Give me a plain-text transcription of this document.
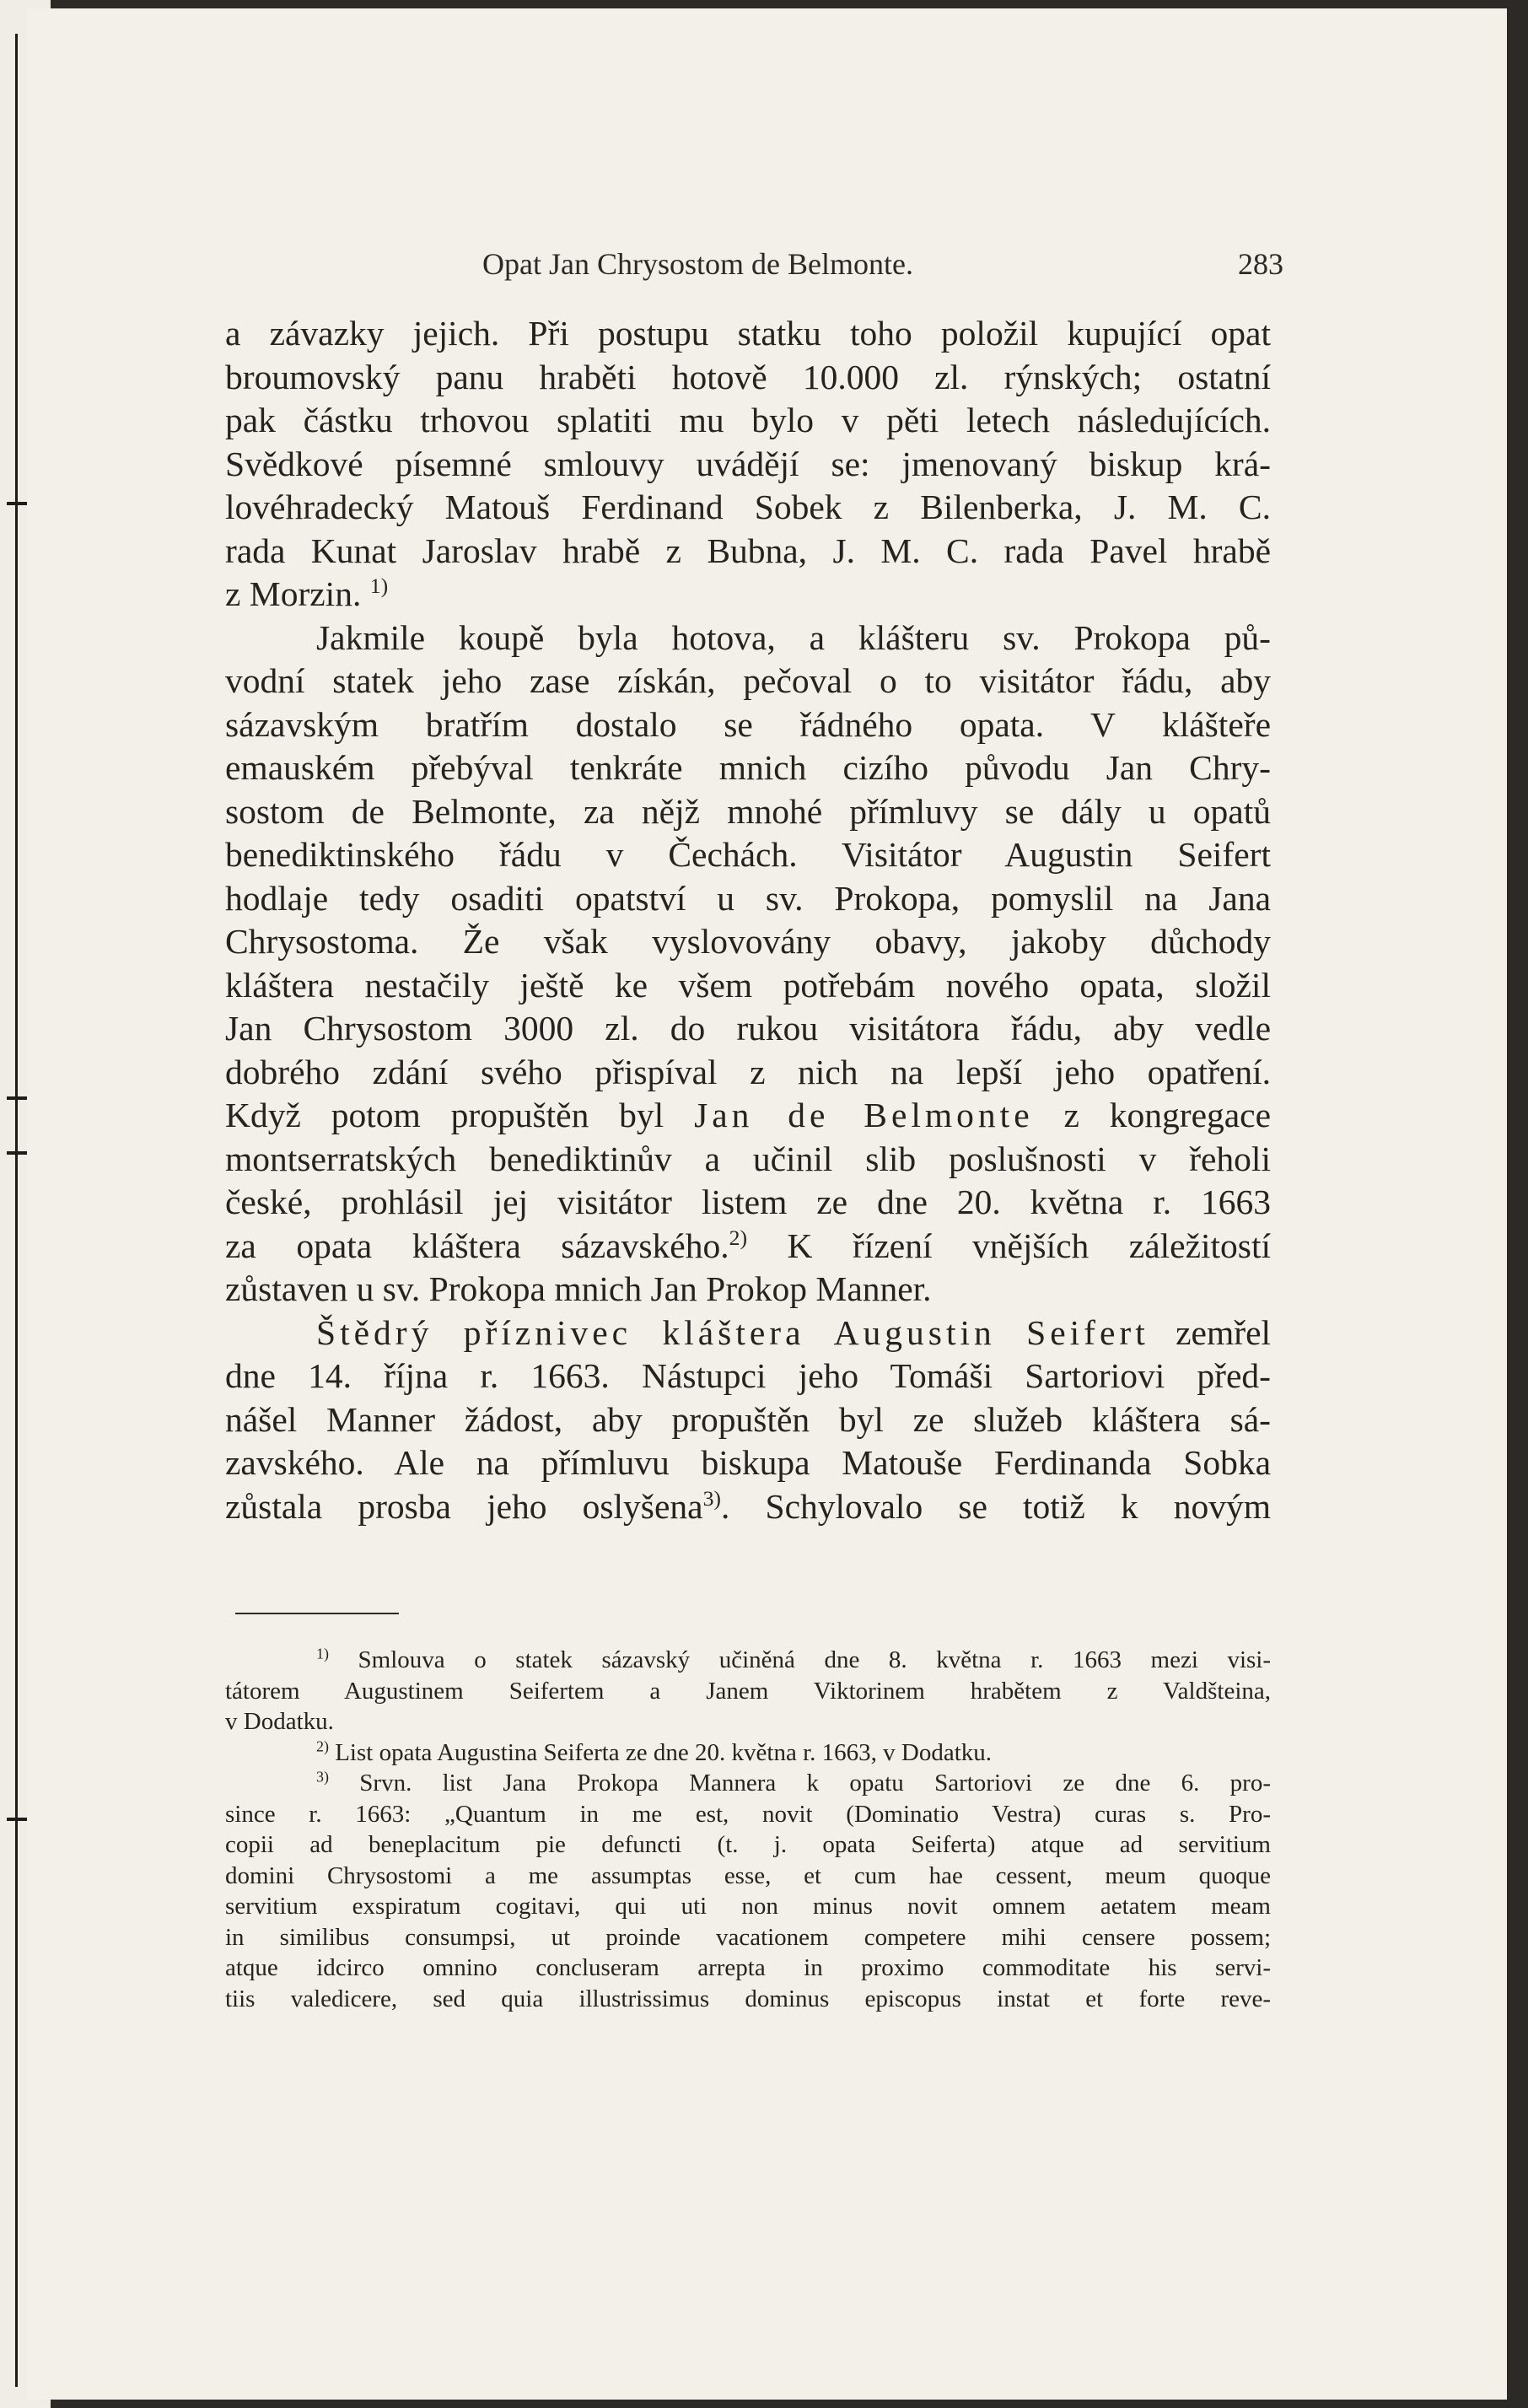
Opat Jan Chrysostom de Belmonte.	283
a závazky jejich. Při postupu statku toho položil kupující opat
broumovský panu hraběti hotově 10.000 zl. rýnských; ostatní
pak částku trhovou splatiti mu bylo v pěti letech následujících.
Svědkové písemné smlouvy uvádějí se: jmenovaný biskup krá-
lovéhradecký Matouš Ferdinand Sobek z Bilenberka, J. M. C.
rada Kunat Jaroslav hrabě z Bubna, J. M. C. rada Pavel hrabě
z Morzin. $^{1)}$
Jakmile koupě byla hotova, a klášteru sv. Prokopa pů-
vodní statek jeho zase získán, pečoval o to visitátor řádu, aby
sázavským bratřím dostalo se řádného opata. V klášteře
emauském přebýval tenkráte mnich cizího původu Jan Chry-
sostom de Belmonte, za nějž mnohé přímluvy se dály u opatů
benediktinského řádu v Čechách. Visitátor Augustin Seifert
hodlaje tedy osaditi opatství u sv. Prokopa, pomyslil na Jana
Chrysostoma. Že však vyslovovány obavy, jakoby důchody
kláštera nestačily ještě ke všem potřebám nového opata, složil
Jan Chrysostom 3000 zl. do rukou visitátora řádu, aby vedle
dobrého zdání svého přispíval z nich na lepší jeho opatření.
Když potom propuštěn byl Jan de Belmonte z kongregace
montserratských benediktinův a učinil slib poslušnosti v řeholi
české, prohlásil jej visitátor listem ze dne 20. května r. 1663
za opata kláštera sázavského.$^{2)}$ K řízení vnějších záležitostí
zůstaven u sv. Prokopa mnich Jan Prokop Manner.
Štědrý příznivec kláštera Augustin Seifert zemřel
dne 14. října r. 1663. Nástupci jeho Tomáši Sartoriovi před-
nášel Manner žádost, aby propuštěn byl ze služeb kláštera sá-
zavského. Ale na přímluvu biskupa Matouše Ferdinanda Sobka
zůstala prosba jeho oslyšena$^{3)}$. Schylovalo se totiž k novým
$^{1)}$ Smlouva o statek sázavský učiněná dne 8. května r. 1663 mezi visi-
tátorem Augustinem Seifertem a Janem Viktorinem hrabětem z Valdšteina,
v Dodatku.
$^{2)}$ List opata Augustina Seiferta ze dne 20. května r. 1663, v Dodatku.
$^{3)}$ Srvn. list Jana Prokopa Mannera k opatu Sartoriovi ze dne 6. pro-
since r. 1663: „Quantum in me est, novit (Dominatio Vestra) curas s. Pro-
copii ad beneplacitum pie defuncti (t. j. opata Seiferta) atque ad servitium
domini Chrysostomi a me assumptas esse, et cum hae cessent, meum quoque
servitium exspiratum cogitavi, qui uti non minus novit omnem aetatem meam
in similibus consumpsi, ut proinde vacationem competere mihi censere possem;
atque idcirco omnino concluseram arrepta in proximo commoditate his servi-
tiis valedicere, sed quia illustrissimus dominus episcopus instat et forte reve-
